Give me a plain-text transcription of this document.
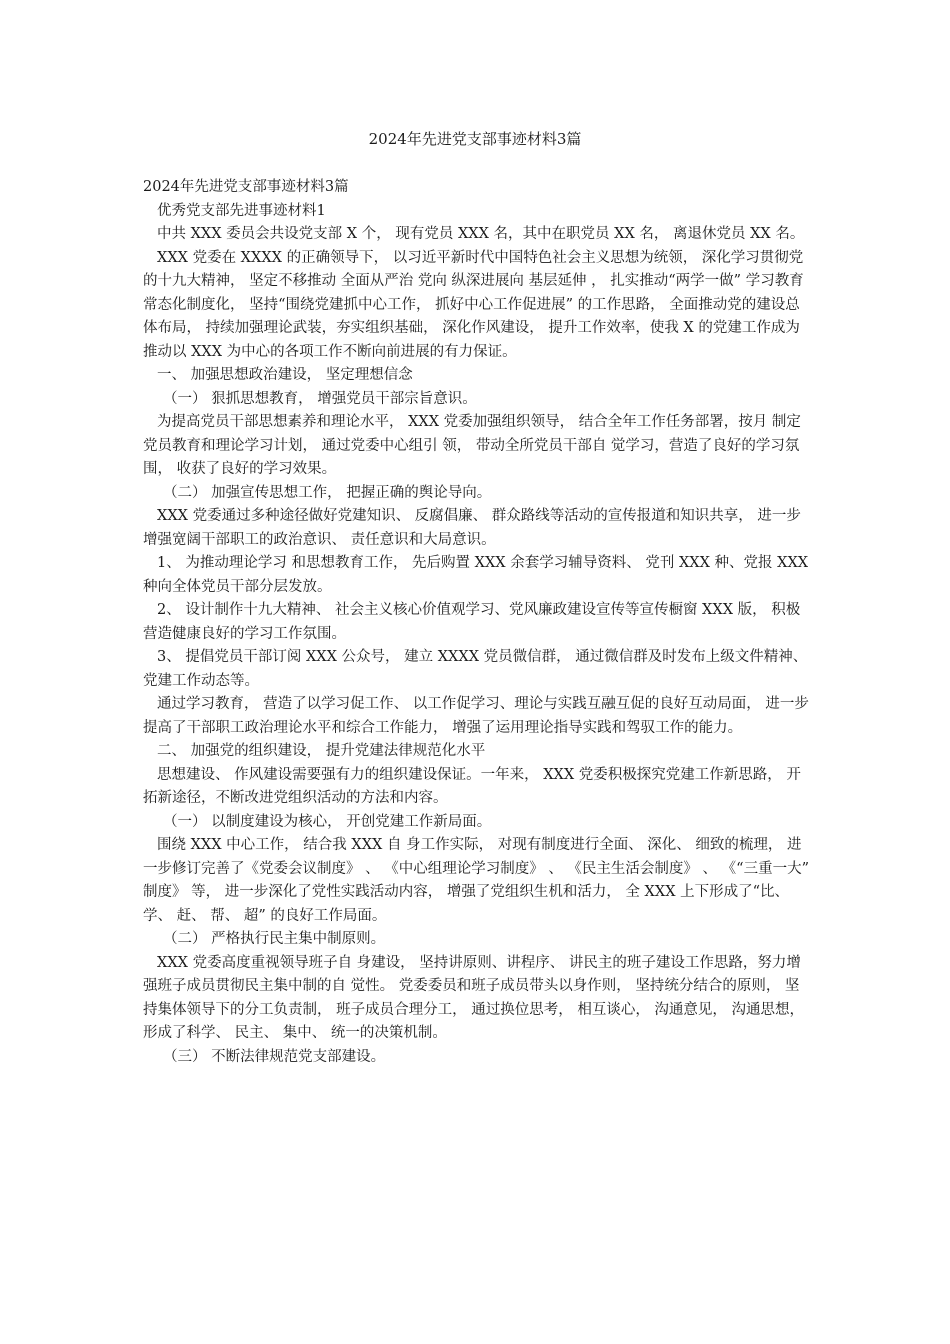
2024年先进党支部事迹材料3篇

2024年先进党支部事迹材料3篇

优秀党支部先进事迹材料1

中共 XXX 委员会共设党支部 X 个， 现有党员 XXX 名，其中在职党员 XX 名， 离退休党员 XX 名。

XXX 党委在 XXXX 的正确领导下， 以习近平新时代中国特色社会主义思想为统领， 深化学习贯彻党的十九大精神， 坚定不移推动 全面从严治 党向 纵深进展向 基层延伸 ， 扎实推动“两学一做” 学习教育常态化制度化， 坚持“围绕党建抓中心工作， 抓好中心工作促进展” 的工作思路， 全面推动党的建设总体布局， 持续加强理论武装，夯实组织基础， 深化作风建设， 提升工作效率，使我 X 的党建工作成为推动以 XXX 为中心的各项工作不断向前进展的有力保证。

一、 加强思想政治建设， 坚定理想信念

（一） 狠抓思想教育， 增强党员干部宗旨意识。

为提高党员干部思想素养和理论水平， XXX 党委加强组织领导， 结合全年工作任务部署，按月 制定党员教育和理论学习计划， 通过党委中心组引 领， 带动全所党员干部自 觉学习，营造了良好的学习氛围， 收获了良好的学习效果。

（二） 加强宣传思想工作， 把握正确的舆论导向。

XXX 党委通过多种途径做好党建知识、 反腐倡廉、 群众路线等活动的宣传报道和知识共享， 进一步增强宽阔干部职工的政治意识、 责任意识和大局意识。

1、 为推动理论学习 和思想教育工作， 先后购置 XXX 余套学习辅导资料、 党刊 XXX 种、党报 XXX 种向全体党员干部分层发放。

2、 设计制作十九大精神、 社会主义核心价值观学习、党风廉政建设宣传等宣传橱窗 XXX 版， 积极营造健康良好的学习工作氛围。

3、 提倡党员干部订阅 XXX 公众号， 建立 XXXX 党员微信群， 通过微信群及时发布上级文件精神、 党建工作动态等。

通过学习教育， 营造了以学习促工作、 以工作促学习、理论与实践互融互促的良好互动局面， 进一步提高了干部职工政治理论水平和综合工作能力， 增强了运用理论指导实践和驾驭工作的能力。

二、 加强党的组织建设， 提升党建法律规范化水平

思想建设、 作风建设需要强有力的组织建设保证。一年来， XXX 党委积极探究党建工作新思路， 开拓新途径，不断改进党组织活动的方法和内容。

（一） 以制度建设为核心， 开创党建工作新局面。

围绕 XXX 中心工作， 结合我 XXX 自 身工作实际， 对现有制度进行全面、 深化、 细致的梳理， 进一步修订完善了《党委会议制度》 、 《中心组理论学习制度》 、 《民主生活会制度》 、 《“三重一大” 制度》 等， 进一步深化了党性实践活动内容， 增强了党组织生机和活力， 全 XXX 上下形成了“比、 学、 赶、 帮、 超” 的良好工作局面。

（二） 严格执行民主集中制原则。

XXX 党委高度重视领导班子自 身建设， 坚持讲原则、讲程序、 讲民主的班子建设工作思路，努力增强班子成员贯彻民主集中制的自 觉性。 党委委员和班子成员带头以身作则， 坚持统分结合的原则， 坚持集体领导下的分工负责制， 班子成员合理分工， 通过换位思考， 相互谈心， 沟通意见， 沟通思想， 形成了科学、 民主、 集中、 统一的决策机制。

（三） 不断法律规范党支部建设。
